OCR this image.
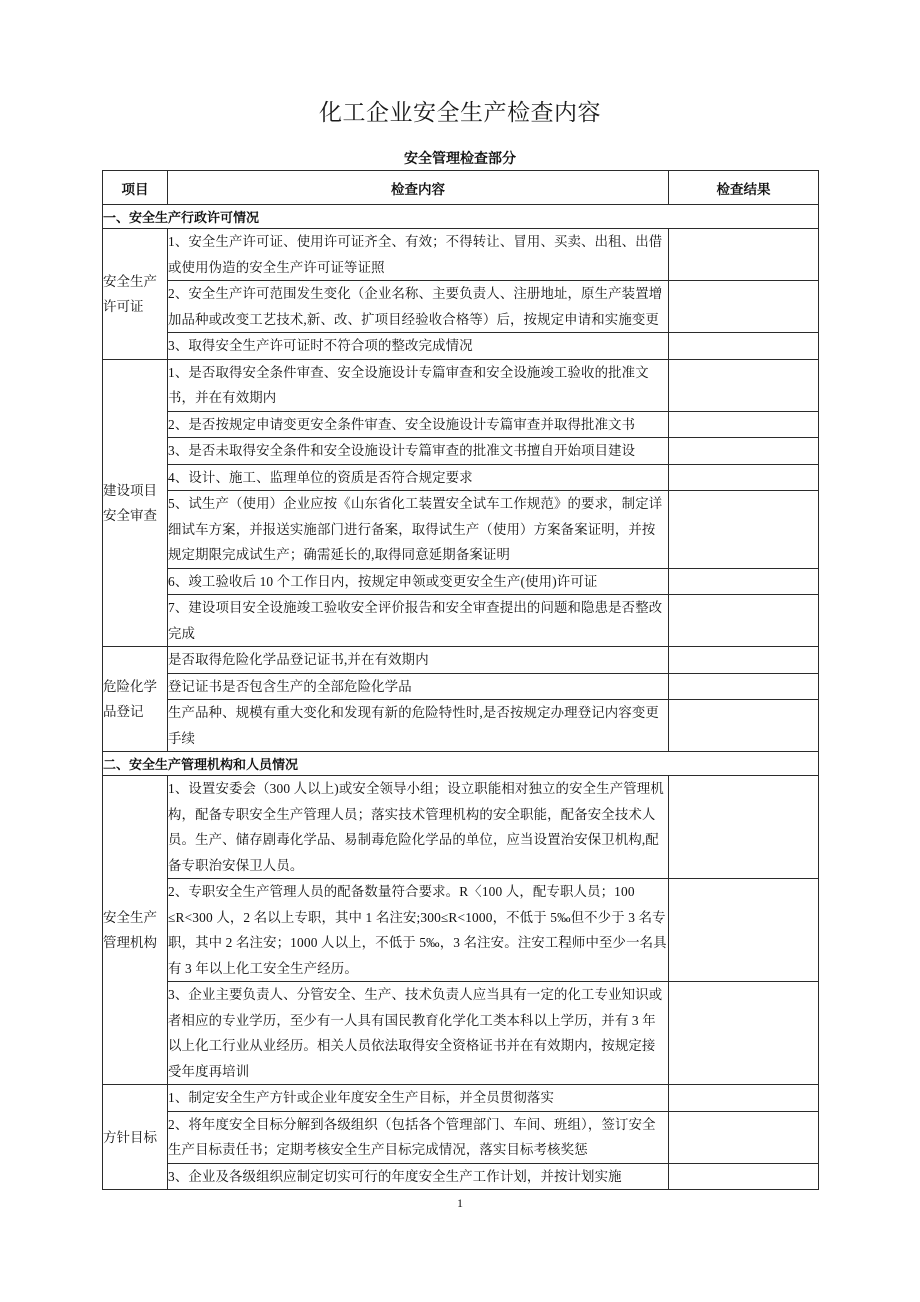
化工企业安全生产检查内容
安全管理检查部分
项目	检查内容	检查结果
一、安全生产行政许可情况		
安全生产许可证	1、安全生产许可证、使用许可证齐全、有效；不得转让、冒用、买卖、出租、出借或使用伪造的安全生产许可证等证照	
	2、安全生产许可范围发生变化（企业名称、主要负责人、注册地址，原生产装置增加品种或改变工艺技术,新、改、扩项目经验收合格等）后，按规定申请和实施变更	
	3、取得安全生产许可证时不符合项的整改完成情况	
建设项目安全审查	1、是否取得安全条件审查、安全设施设计专篇审查和安全设施竣工验收的批准文书，并在有效期内	
	2、是否按规定申请变更安全条件审查、安全设施设计专篇审查并取得批准文书	
	3、是否未取得安全条件和安全设施设计专篇审查的批准文书擅自开始项目建设	
	4、设计、施工、监理单位的资质是否符合规定要求	
	5、试生产（使用）企业应按《山东省化工装置安全试车工作规范》的要求，制定详细试车方案，并报送实施部门进行备案，取得试生产（使用）方案备案证明，并按规定期限完成试生产；确需延长的,取得同意延期备案证明	
	6、竣工验收后 10 个工作日内，按规定申领或变更安全生产(使用)许可证	
	7、建设项目安全设施竣工验收安全评价报告和安全审查提出的问题和隐患是否整改完成	
危险化学品登记	是否取得危险化学品登记证书,并在有效期内	
	登记证书是否包含生产的全部危险化学品	
	生产品种、规模有重大变化和发现有新的危险特性时,是否按规定办理登记内容变更手续	
二、安全生产管理机构和人员情况		
安全生产管理机构	1、设置安委会（300 人以上)或安全领导小组；设立职能相对独立的安全生产管理机构，配备专职安全生产管理人员；落实技术管理机构的安全职能，配备安全技术人员。生产、储存剧毒化学品、易制毒危险化学品的单位，应当设置治安保卫机构,配备专职治安保卫人员。	
	2、专职安全生产管理人员的配备数量符合要求。R〈100 人，配专职人员；100 ≤R<300 人，2 名以上专职，其中 1 名注安;300≤R<1000，不低于 5‰但不少于 3 名专职，其中 2 名注安；1000 人以上，不低于 5‰，3 名注安。注安工程师中至少一名具有 3 年以上化工安全生产经历。	
	3、企业主要负责人、分管安全、生产、技术负责人应当具有一定的化工专业知识或者相应的专业学历，至少有一人具有国民教育化学化工类本科以上学历，并有 3 年以上化工行业从业经历。相关人员依法取得安全资格证书并在有效期内，按规定接受年度再培训	
方针目标	1、制定安全生产方针或企业年度安全生产目标，并全员贯彻落实	
	2、将年度安全目标分解到各级组织（包括各个管理部门、车间、班组），签订安全生产目标责任书；定期考核安全生产目标完成情况，落实目标考核奖惩	
	3、企业及各级组织应制定切实可行的年度安全生产工作计划，并按计划实施	
1
